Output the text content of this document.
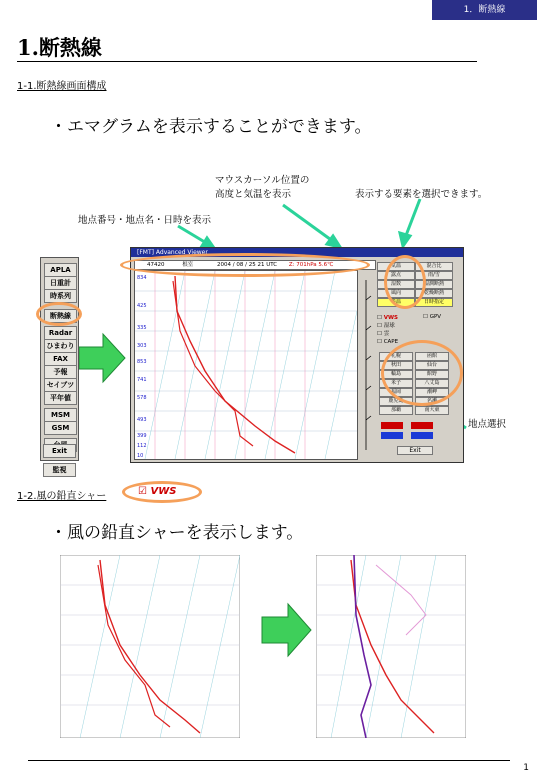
1．断熱線
1.断熱線
1-1.断熱線画面構成
・エマグラムを表示することができます。
マウスカーソル位置の
高度と気温を表示	表示する要素を選択できます。
地点番号・地点名・日時を表示
地点選択
APLA
日重計
時系列
断熱線
Radar
ひまわり
FAX
予報
セイブツ
平年値
MSM
GSM
監視
Exit
[FMT] Advanced Viewer
47420	根室	2004 / 08 / 25 21 UTC Z: 701hPa 5.6℃
834
425
335
303
853
741
578
493
399
112
10
気温
露点
湿数
風向
等温
混合比
雨/雪
湿潤断熱
乾燥断熱
日時指定
☐ VWS
☐ 湿球
☐ 雲
☐ CAPE
☐ GPV
札幌	函館
秋田	仙台
輪島	館野
米子	八丈島
福岡	潮岬
鹿児島	名瀬
那覇	南大東
Exit
1-2.風の鉛直シャー	☑ VWS
・風の鉛直シャーを表示します。
1
